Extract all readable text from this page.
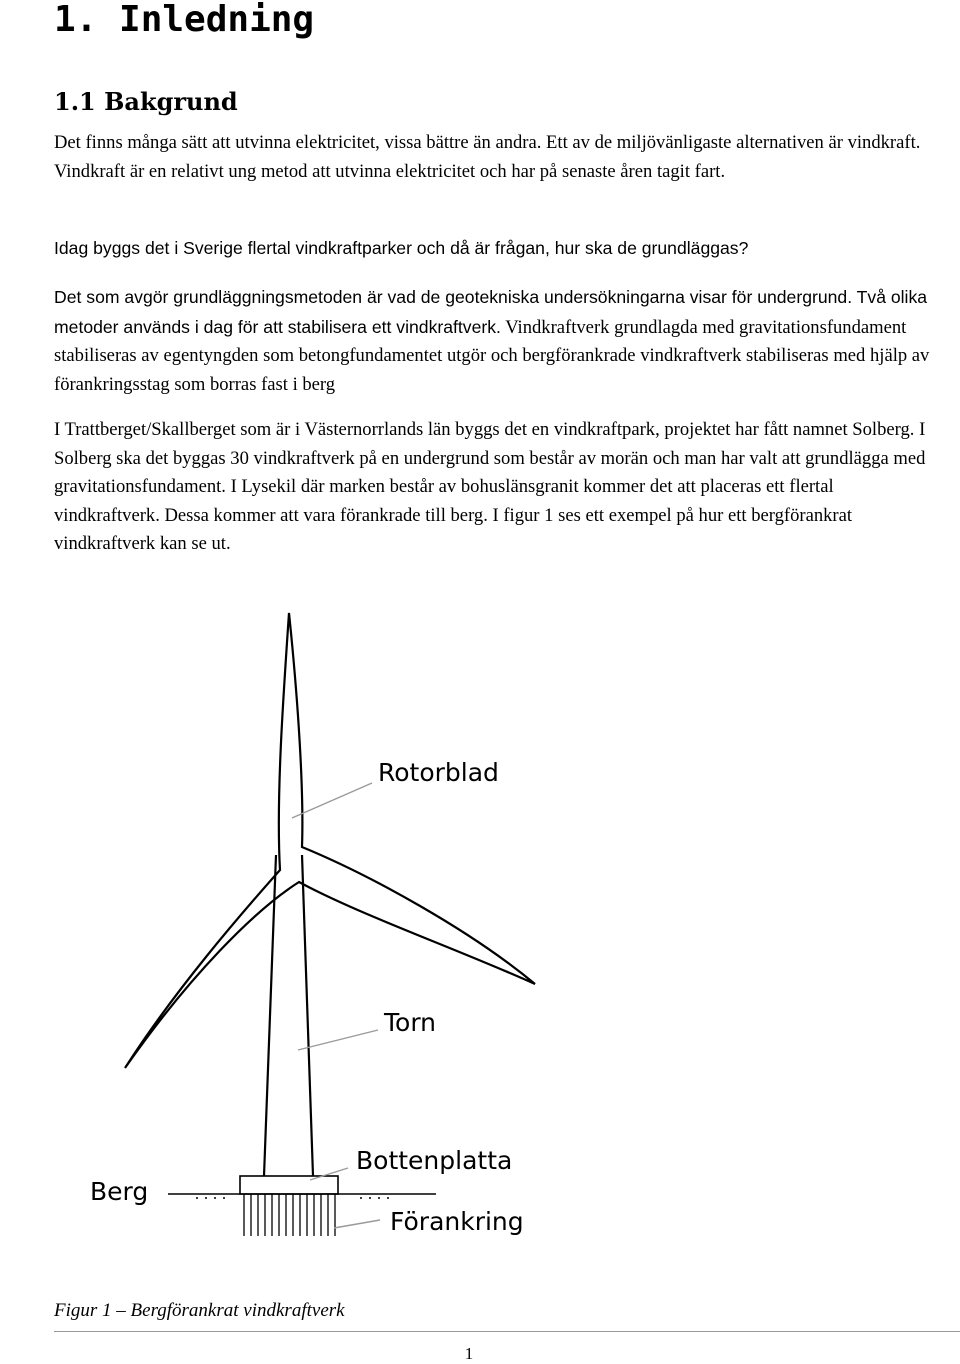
1. Inledning
1.1 Bakgrund

Det finns många sätt att utvinna elektricitet, vissa bättre än andra. Ett av de miljövänligaste alternativen är vindkraft. Vindkraft är en relativt ung metod att utvinna elektricitet och har på senaste åren tagit fart.

Idag byggs det i Sverige flertal vindkraftparker och då är frågan, hur ska de grundläggas?

Det som avgör grundläggningsmetoden är vad de geotekniska undersökningarna visar för undergrund. Två olika metoder används i dag för att stabilisera ett vindkraftverk. Vindkraftverk grundlagda med gravitationsfundament stabiliseras av egentyngden som betongfundamentet utgör och bergförankrade vindkraftverk stabiliseras med hjälp av förankringsstag som borras fast i berg

I Trattberget/Skallberget som är i Västernorrlands län byggs det en vindkraftpark, projektet har fått namnet Solberg. I Solberg ska det byggas 30 vindkraftverk på en undergrund som består av morän och man har valt att grundlägga med gravitationsfundament. I Lysekil där marken består av bohuslänsgranit kommer det att placeras ett flertal vindkraftverk. Dessa kommer att vara förankrade till berg. I figur 1 ses ett exempel på hur ett bergförankrat vindkraftverk kan se ut.

Rotorblad
Torn
Bottenplatta
Berg
Förankring

Figur 1 – Bergförankrat vindkraftverk

1
